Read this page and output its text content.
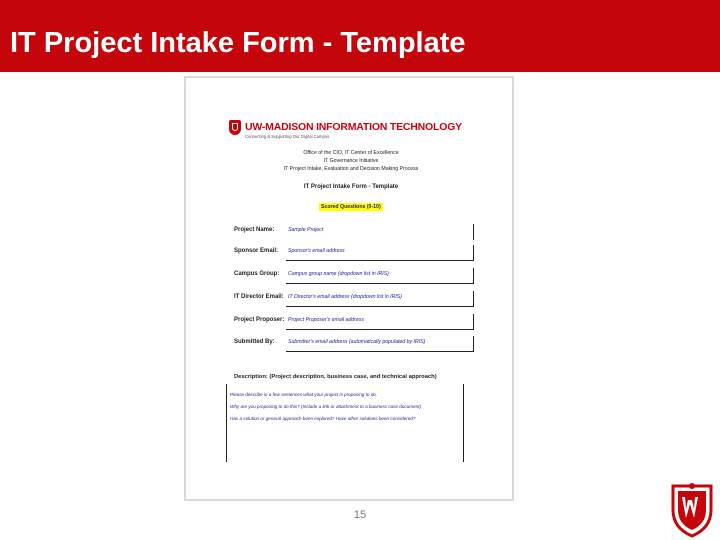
IT Project Intake Form - Template
UW-MADISON INFORMATION TECHNOLOGY
Connecting & Supporting Our Digital Campus
Office of the CIO, IT Center of Excellence
IT Governance Initiative
IT Project Intake, Evaluation and Decision Making Process
IT Project Intake Form - Template
Scored Questions (0-10)
Project Name:	Sample Project
Sponsor Email: Sponsor's email address
Campus Group: Campus group name (dropdown list in IRIS)
IT Director Email: IT Director's email address (dropdown list in IRIS)
Project Proposer: Project Proposer's email address
Submitted By:	Submitter's email address (automatically populated by IRIS)
Description: (Project description, business case, and technical approach)
Please describe in a few sentences what your project is proposing to do.
Why are you proposing to do this? (Include a link or attachment to a business case document)
Has a solution or general approach been explored? Have other solutions been considered?
15
